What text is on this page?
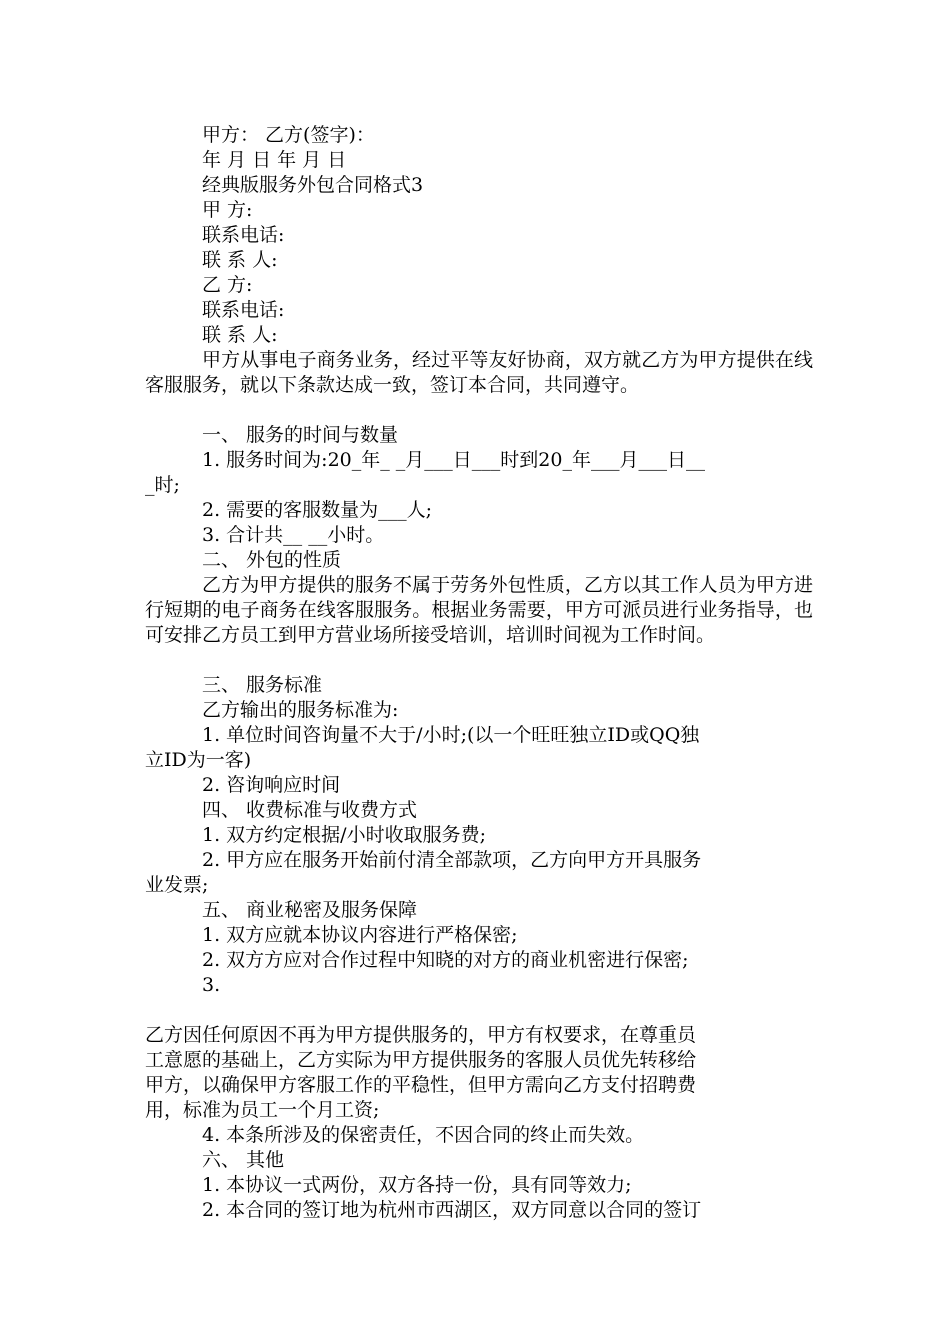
甲方： 乙方(签字)：
年 月 日 年 月 日
经典版服务外包合同格式3
甲 方:
联系电话:
联 系 人:
乙 方:
联系电话:
联 系 人:
甲方从事电子商务业务，经过平等友好协商，双方就乙方为甲方提供在线客服服务，就以下条款达成一致，签订本合同，共同遵守。
一、 服务的时间与数量
1. 服务时间为:20_年_ _月___日___时到20_年___月___日__
_时;
2. 需要的客服数量为___人;
3. 合计共__ __小时。
二、 外包的性质
乙方为甲方提供的服务不属于劳务外包性质，乙方以其工作人员为甲方进行短期的电子商务在线客服服务。根据业务需要，甲方可派员进行业务指导，也可安排乙方员工到甲方营业场所接受培训，培训时间视为工作时间。
三、 服务标准
乙方输出的服务标准为:
1. 单位时间咨询量不大于/小时;(以一个旺旺独立ID或QQ独
立ID为一客)
2. 咨询响应时间
四、 收费标准与收费方式
1. 双方约定根据/小时收取服务费;
2. 甲方应在服务开始前付清全部款项，乙方向甲方开具服务
业发票;
五、 商业秘密及服务保障
1. 双方应就本协议内容进行严格保密;
2. 双方方应对合作过程中知晓的对方的商业机密进行保密;
3.
乙方因任何原因不再为甲方提供服务的，甲方有权要求，在尊重员
工意愿的基础上，乙方实际为甲方提供服务的客服人员优先转移给
甲方，以确保甲方客服工作的平稳性，但甲方需向乙方支付招聘费
用，标准为员工一个月工资;
4. 本条所涉及的保密责任，不因合同的终止而失效。
六、 其他
1. 本协议一式两份，双方各持一份，具有同等效力;
2. 本合同的签订地为杭州市西湖区，双方同意以合同的签订
